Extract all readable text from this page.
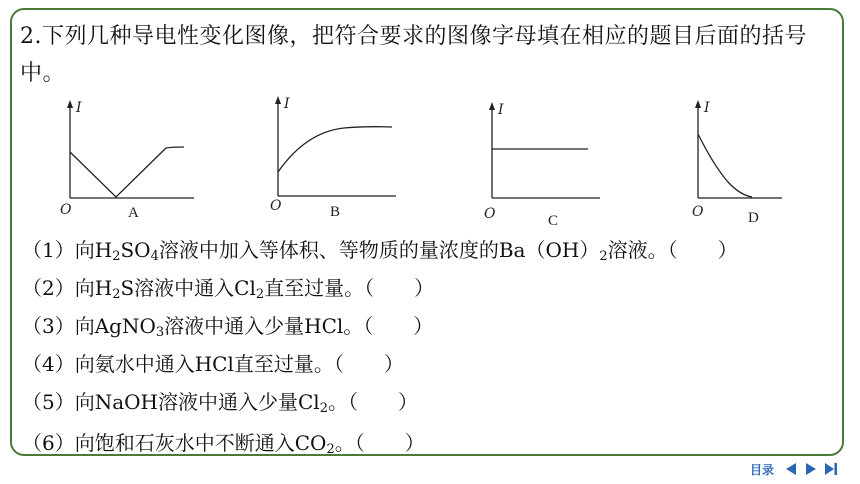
2.下列几种导电性变化图像，把符合要求的图像字母填在相应的题目后面的括号中。
I
O	A
I
O	B
I
O	C
I
O	D
（1）向$H_2SO_4$溶液中加入等体积、等物质的量浓度的$Ba(OH)_2$溶液。（　　）
（2）向$H_2S$溶液中通入$Cl_2$直至过量。（　　）
（3）向AgNO$_3$溶液中通入少量HCl。（　　）
（4）向氨水中通入HCl直至过量。（　　）
（5）向NaOH溶液中通入少量$Cl_2$。（　　）
（6）向饱和石灰水中不断通入$CO_2$。（　　）
目录
